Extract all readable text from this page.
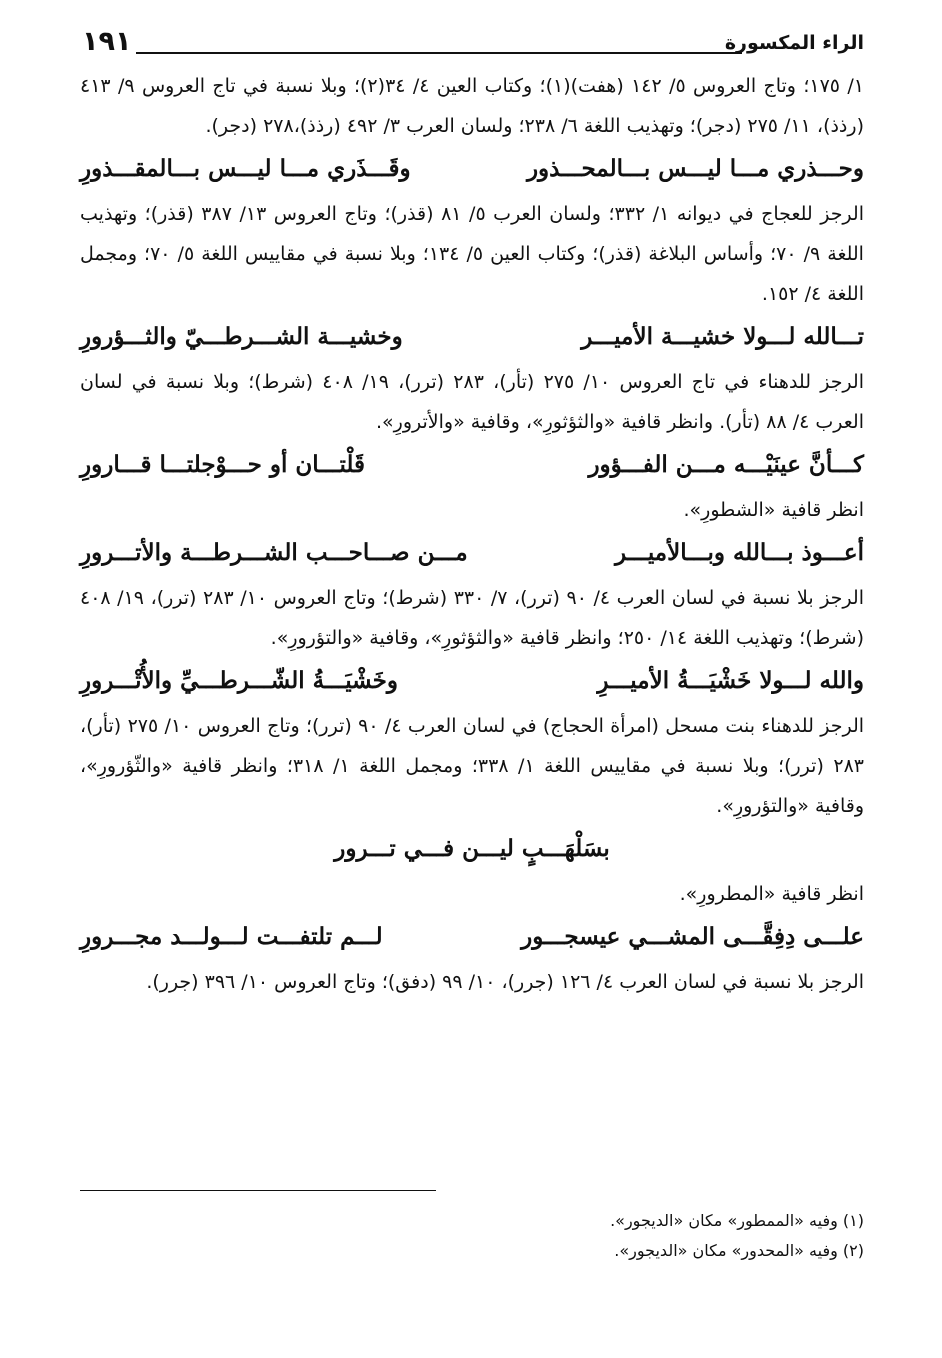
الراء المكسورة
١٩١

١/ ١٧٥؛ وتاج العروس ٥/ ١٤٢ (هفت)(١)؛ وكتاب العين ٤/ ٣٤(٢)؛ وبلا نسبة في تاج العروس ٩/ ٤١٣ (رذذ)، ١١/ ٢٧٥ (دجر)؛ وتهذيب اللغة ٦/ ٢٣٨؛ ولسان العرب ٣/ ٤٩٢ (رذذ)،٢٧٨ (دجر).

وحـــذري مـــا ليـــس بـــالمحـــذور
وقَـــذَري مـــا ليـــس بـــالمقـــذورِ

الرجز للعجاج في ديوانه ١/ ٣٣٢؛ ولسان العرب ٥/ ٨١ (قذر)؛ وتاج العروس ١٣/ ٣٨٧ (قذر)؛ وتهذيب اللغة ٩/ ٧٠؛ وأساس البلاغة (قذر)؛ وكتاب العين ٥/ ١٣٤؛ وبلا نسبة في مقاييس اللغة ٥/ ٧٠؛ ومجمل اللغة ٤/ ١٥٢.

تـــالله لـــولا خشيـــة الأميـــر
وخشيـــة الشـــرطـــيّ والثـــؤرورِ

الرجز للدهناء في تاج العروس ١٠/ ٢٧٥ (تأر)، ٢٨٣ (ترر)، ١٩/ ٤٠٨ (شرط)؛ وبلا نسبة في لسان العرب ٤/ ٨٨ (تأر). وانظر قافية «والثؤثورِ»، وقافية «والأترورِ».

كـــأنَّ عينَيْـــه مـــن الفـــؤور
قَلْتـــان أو حـــوْجلتـــا قـــارورِ

انظر قافية «الشطورِ».

أعـــوذ بـــالله وبـــالأميـــر
مـــن صـــاحـــب الشـــرطـــة والأتـــرورِ

الرجز بلا نسبة في لسان العرب ٤/ ٩٠ (ترر)، ٧/ ٣٣٠ (شرط)؛ وتاج العروس ١٠/ ٢٨٣ (ترر)، ١٩/ ٤٠٨ (شرط)؛ وتهذيب اللغة ١٤/ ٢٥٠؛ وانظر قافية «والثؤثورِ»، وقافية «والتؤرورِ».

والله لـــولا خَشْيَـــةُ الأميـــرِ
وخَشْيَـــةُ الشّـــرطـــيِّ والأُتْـــرورِ

الرجز للدهناء بنت مسحل (امرأة الحجاج) في لسان العرب ٤/ ٩٠ (ترر)؛ وتاج العروس ١٠/ ٢٧٥ (تأر)، ٢٨٣ (ترر)؛ وبلا نسبة في مقاييس اللغة ١/ ٣٣٨؛ ومجمل اللغة ١/ ٣١٨؛ وانظر قافية «والثّؤرورِ»، وقافية «والتؤرورِ».

بسَلْهَـــبٍ ليـــن فـــي تـــرور

انظر قافية «المطرورِ».

علـــى دِفِقَّـــى المشـــي عيسجـــور
لـــم تلتفـــت لـــولـــد مجـــرورِ

الرجز بلا نسبة في لسان العرب ٤/ ١٢٦ (جرر)، ١٠/ ٩٩ (دفق)؛ وتاج العروس ١٠/ ٣٩٦ (جرر).

(١) وفيه «الممطور» مكان «الديجور».

(٢) وفيه «المحدور» مكان «الديجور».
